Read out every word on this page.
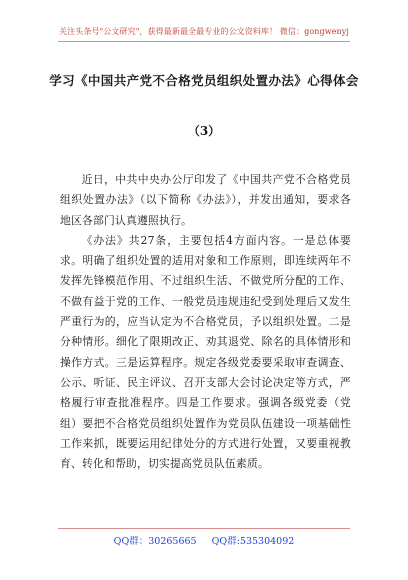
关注头条号"公文研究"，获得最新最全最专业的公文资料库！ 微信：gongwenyj
学习《中国共产党不合格党员组织处置办法》心得体会
（3）

近日，中共中央办公厅印发了《中国共产党不合格党员组织处置办法》（以下简称《办法》），并发出通知，要求各地区各部门认真遵照执行。

《办法》共27条，主要包括4方面内容。一是总体要求。明确了组织处置的适用对象和工作原则，即连续两年不发挥先锋模范作用、不过组织生活、不做党所分配的工作、不做有益于党的工作、一般党员违规违纪受到处理后又发生严重行为的，应当认定为不合格党员，予以组织处置。二是分种情形。细化了限期改正、劝其退党、除名的具体情形和操作方式。三是运算程序。规定各级党委要采取审查调查、公示、听证、民主评议、召开支部大会讨论决定等方式，严格履行审查批准程序。四是工作要求。强调各级党委（党组）要把不合格党员组织处置作为党员队伍建设一项基础性工作来抓，既要运用纪律处分的方式进行处置，又要重视教育、转化和帮助，切实提高党员队伍素质。

QQ群：30265665 QQ群:535304092
